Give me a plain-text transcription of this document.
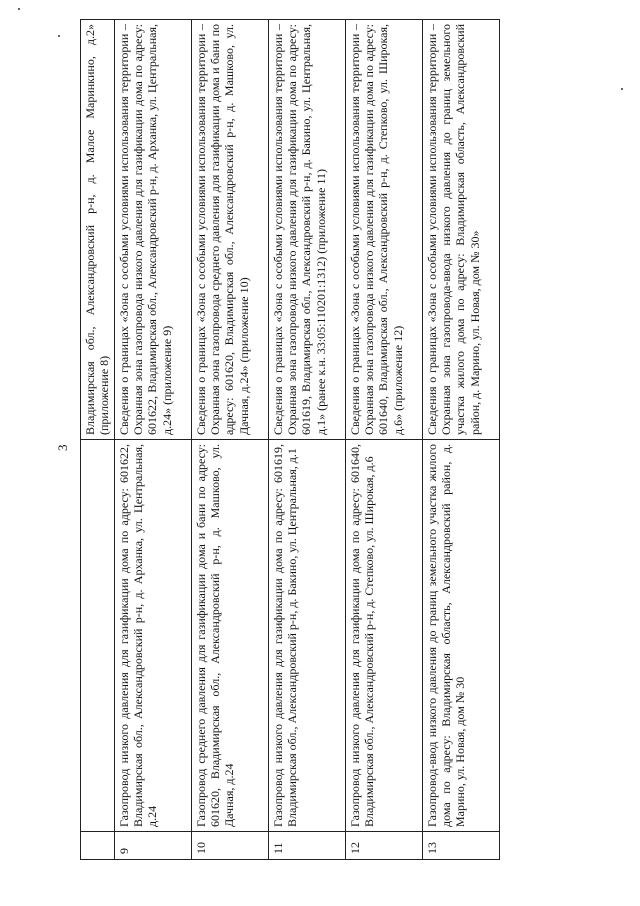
3
		Владимирская обл., Александровский р-н, д. Малое Маринкино, д.2» (приложение 8)
9	Газопровод низкого давления для газификации дома по адресу: 601622, Владимирская обл., Александровский р-н, д. Арханка, ул. Центральная, д.24	Сведения о границах «Зона с особыми условиями использования территории – Охранная зона газопровода низкого давления для газификации дома по адресу: 601622, Владимирская обл., Александровский р-н, д. Арханка, ул. Центральная, д.24» (приложение 9)
10	Газопровод среднего давления для газификации дома и бани по адресу: 601620, Владимирская обл., Александровский р-н, д. Машково, ул. Дачная, д.24	Сведения о границах «Зона с особыми условиями использования территории – Охранная зона газопровода среднего давления для газификации дома и бани по адресу: 601620, Владимирская обл., Александровский р-н, д. Машково, ул. Дачная, д.24» (приложение 10)
11	Газопровод низкого давления для газификации дома по адресу: 601619, Владимирская обл., Александровский р-н, д. Бакино, ул. Центральная, д.1	Сведения о границах «Зона с особыми условиями использования территории – Охранная зона газопровода низкого давления для газификации дома по адресу: 601619, Владимирская обл., Александровский р-н, д. Бакино, ул. Центральная, д.1» (ранее к.н. 33:05:110201:1312) (приложение 11)
12	Газопровод низкого давления для газификации дома по адресу: 601640, Владимирская обл., Александровский р-н, д. Степково, ул. Широкая, д.6	Сведения о границах «Зона с особыми условиями использования территории – Охранная зона газопровода низкого давления для газификации дома по адресу: 601640, Владимирская обл., Александровский р-н, д. Степково, ул. Широкая, д.6» (приложение 12)
13	Газопровод-ввод низкого давления до границ земельного участка жилого дома по адресу: Владимирская область, Александровский район, д. Марино, ул. Новая, дом № 30	Сведения о границах «Зона с особыми условиями использования территории – Охранная зона газопровода-ввода низкого давления до границ земельного участка жилого дома по адресу: Владимирская область, Александровский район, д. Марино, ул. Новая, дом № 30»
